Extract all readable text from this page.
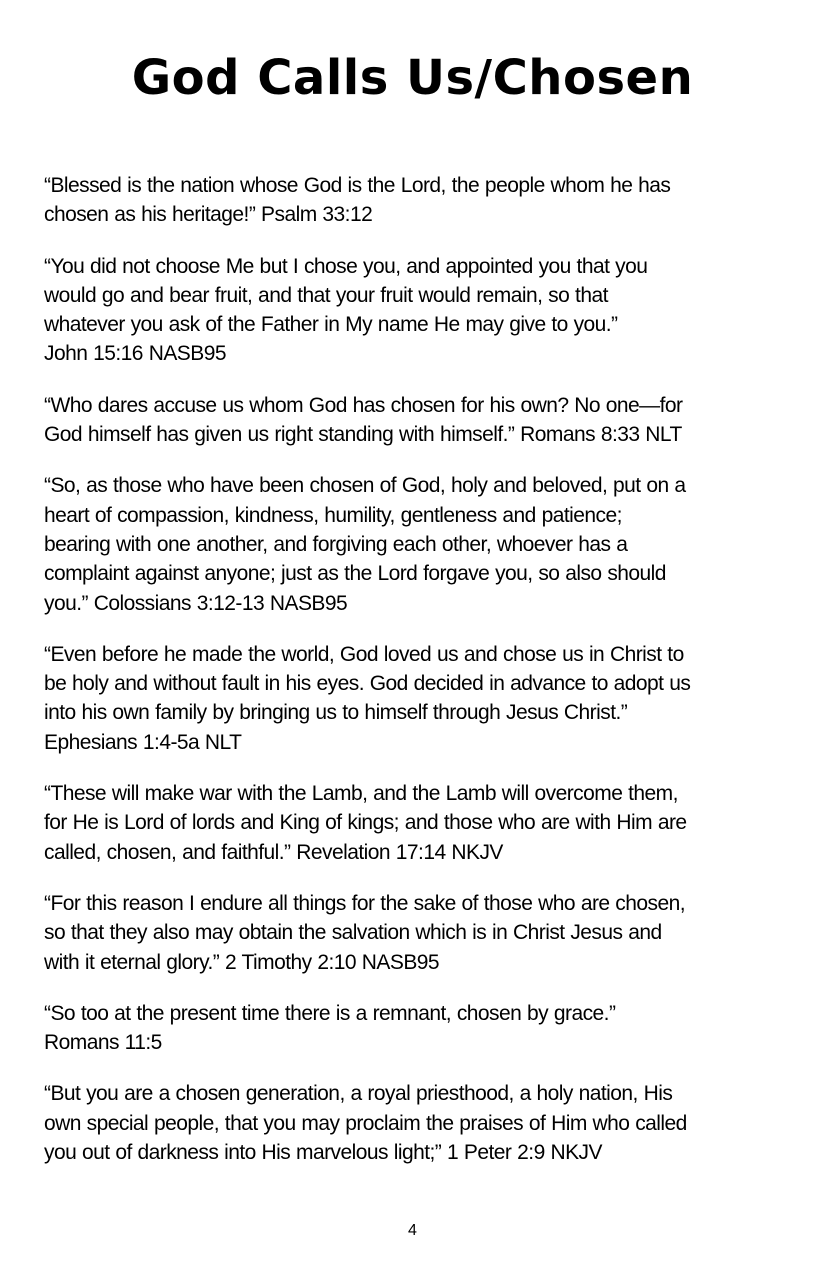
God Calls Us/Chosen

“Blessed is the nation whose God is the Lord, the people whom he has
chosen as his heritage!” Psalm 33:12

“You did not choose Me but I chose you, and appointed you that you
would go and bear fruit, and that your fruit would remain, so that
whatever you ask of the Father in My name He may give to you.”
John 15:16 NASB95

“Who dares accuse us whom God has chosen for his own? No one—for
God himself has given us right standing with himself.” Romans 8:33 NLT

“So, as those who have been chosen of God, holy and beloved, put on a
heart of compassion, kindness, humility, gentleness and patience;
bearing with one another, and forgiving each other, whoever has a
complaint against anyone; just as the Lord forgave you, so also should
you.” Colossians 3:12-13 NASB95

“Even before he made the world, God loved us and chose us in Christ to
be holy and without fault in his eyes. God decided in advance to adopt us
into his own family by bringing us to himself through Jesus Christ.”
Ephesians 1:4-5a NLT

“These will make war with the Lamb, and the Lamb will overcome them,
for He is Lord of lords and King of kings; and those who are with Him are
called, chosen, and faithful.” Revelation 17:14 NKJV

“For this reason I endure all things for the sake of those who are chosen,
so that they also may obtain the salvation which is in Christ Jesus and
with it eternal glory.” 2 Timothy 2:10 NASB95

“So too at the present time there is a remnant, chosen by grace.”
Romans 11:5

“But you are a chosen generation, a royal priesthood, a holy nation, His
own special people, that you may proclaim the praises of Him who called
you out of darkness into His marvelous light;” 1 Peter 2:9 NKJV

4
